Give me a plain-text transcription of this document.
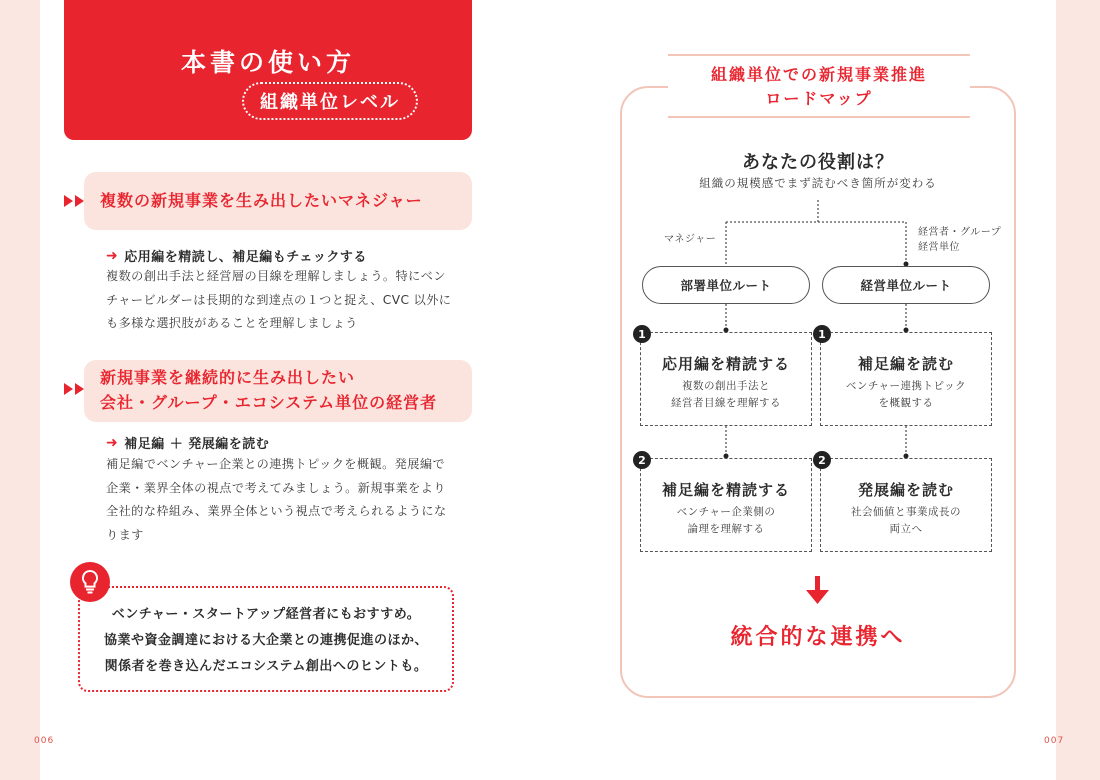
006	007
本書の使い方
組織単位レベル
複数の新規事業を生み出したいマネジャー
➜ 応用編を精読し、補足編もチェックする
複数の創出手法と経営層の目線を理解しましょう。特にベン
チャービルダーは長期的な到達点の１つと捉え、CVC 以外に
も多様な選択肢があることを理解しましょう
新規事業を継続的に生み出したい
会社・グループ・エコシステム単位の経営者
➜ 補足編 ＋ 発展編を読む
補足編でベンチャー企業との連携トピックを概観。発展編で
企業・業界全体の視点で考えてみましょう。新規事業をより
全社的な枠組み、業界全体という視点で考えられるようにな
ります
ベンチャー・スタートアップ経営者にもおすすめ。
協業や資金調達における大企業との連携促進のほか、
関係者を巻き込んだエコシステム創出へのヒントも。
組織単位での新規事業推進
ロードマップ
あなたの役割は？
組織の規模感でまず読むべき箇所が変わる
マネジャー
経営者・グループ
経営単位
部署単位ルート	経営単位ルート
応用編を精読する
複数の創出手法と
経営者目線を理解する
1
補足編を精読する
ベンチャー企業側の
論理を理解する
2
補足編を読む
ベンチャー連携トピック
を概観する
1
発展編を読む
社会価値と事業成長の
両立へ
2
統合的な連携へ
